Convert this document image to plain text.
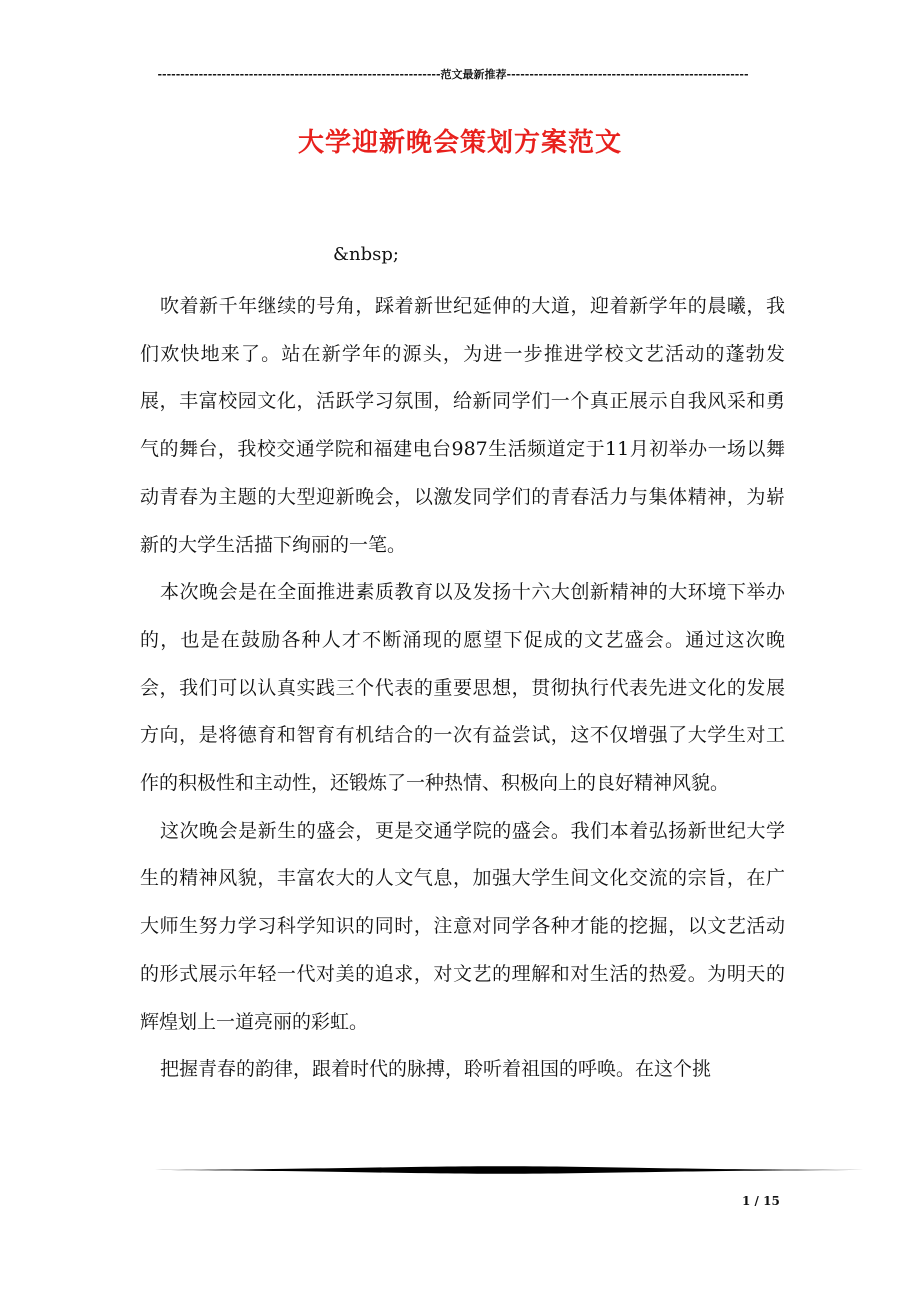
--------------------------------------------------------------范文最新推荐-----------------------------------------------------
大学迎新晚会策划方案范文
&nbsp;

吹着新千年继续的号角，踩着新世纪延伸的大道，迎着新学年的晨曦，我们欢快地来了。站在新学年的源头，为进一步推进学校文艺活动的蓬勃发展，丰富校园文化，活跃学习氛围，给新同学们一个真正展示自我风采和勇气的舞台，我校交通学院和福建电台987生活频道定于11月初举办一场以舞动青春为主题的大型迎新晚会，以激发同学们的青春活力与集体精神，为崭新的大学生活描下绚丽的一笔。

本次晚会是在全面推进素质教育以及发扬十六大创新精神的大环境下举办的，也是在鼓励各种人才不断涌现的愿望下促成的文艺盛会。通过这次晚会，我们可以认真实践三个代表的重要思想，贯彻执行代表先进文化的发展方向，是将德育和智育有机结合的一次有益尝试，这不仅增强了大学生对工作的积极性和主动性，还锻炼了一种热情、积极向上的良好精神风貌。

这次晚会是新生的盛会，更是交通学院的盛会。我们本着弘扬新世纪大学生的精神风貌，丰富农大的人文气息，加强大学生间文化交流的宗旨，在广大师生努力学习科学知识的同时，注意对同学各种才能的挖掘，以文艺活动的形式展示年轻一代对美的追求，对文艺的理解和对生活的热爱。为明天的辉煌划上一道亮丽的彩虹。

把握青春的韵律，跟着时代的脉搏，聆听着祖国的呼唤。在这个挑

1 / 15
